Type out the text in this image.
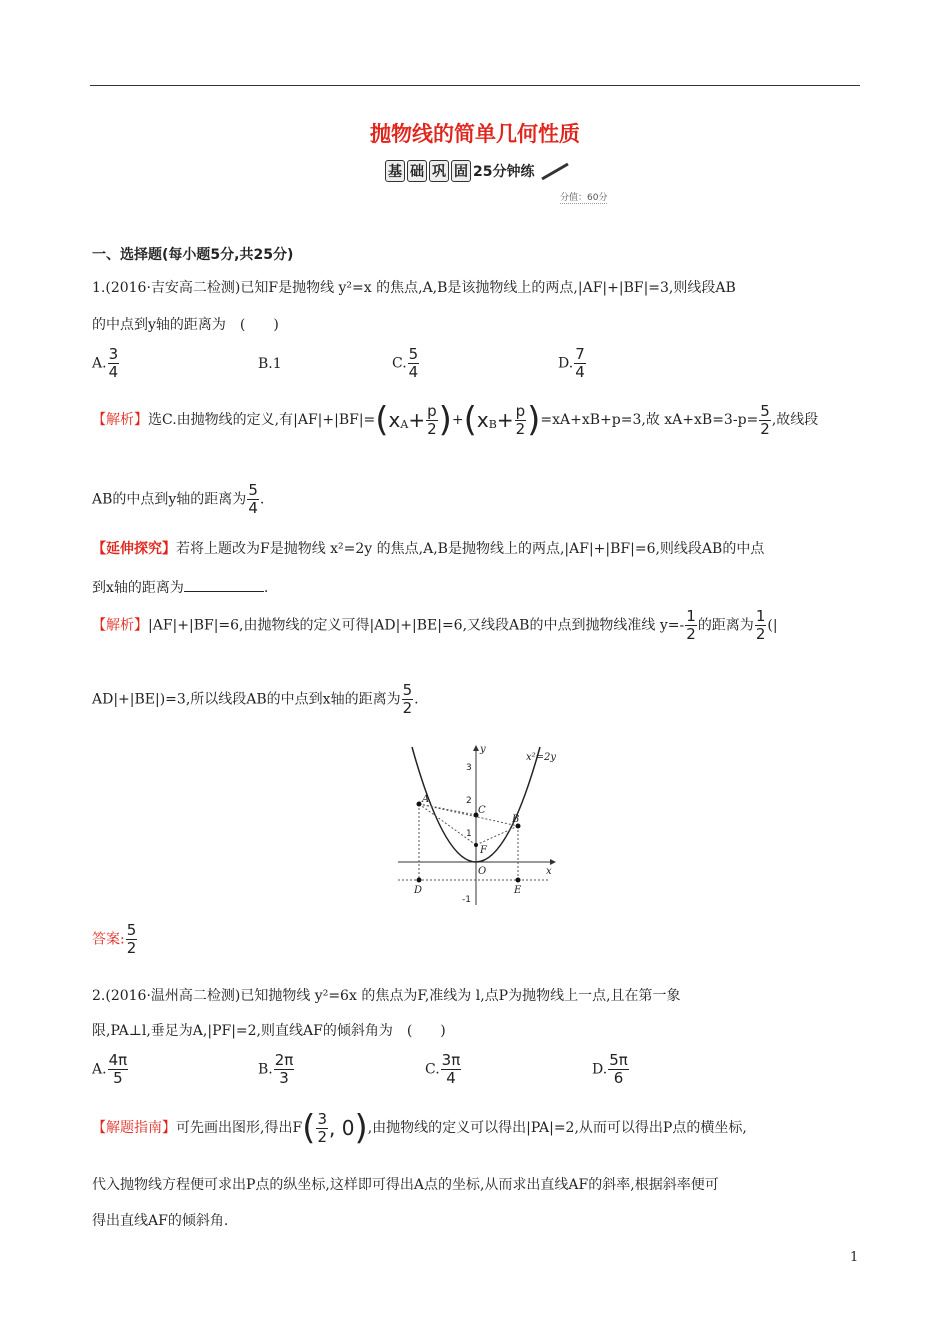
抛物线的简单几何性质
基 础 巩 固 25分钟练
分值：60分
一、选择题(每小题5分,共25分)
1.(2016·吉安高二检测)已知F是抛物线 y²=x 的焦点,A,B是该抛物线上的两点,|AF|+|BF|=3,则线段AB
的中点到y轴的距离为　(　　)
A. $\frac{3}{4}$	B.1	C. $\frac{5}{4}$	D. $\frac{7}{4}$
【解析】选C.由抛物线的定义,有$|AF|+|BF|=(x_A+ \frac{p}{2} )+(x_B+ \frac{p}{2} )=xA+xB+p=3$,故 $xA+xB=3-p= \frac{5}{2}$ ,故线段
AB的中点到y轴的距离为 $\frac{5}{4}$ .
【延伸探究】若将上题改为F是抛物线 x²=2y 的焦点,A,B是抛物线上的两点,|AF|+|BF|=6,则线段AB的中点
到x轴的距离为	.
【解析】|AF|+|BF|=6,由抛物线的定义可得|AD|+|BE|=6,又线段AB的中点到抛物线准线 $y=- \frac{1}{2}$ 的距离为 $\frac{1}{2}$ (|
AD|+|BE|)=3,所以线段AB的中点到x轴的距离为 $\frac{5}{2}$ .
x²=2y
y
x
O
A
B
C
F
D	E
3
2
1
-1
答案: $\frac{5}{2}$
2.(2016·温州高二检测)已知抛物线 y²=6x 的焦点为F,准线为 l,点P为抛物线上一点,且在第一象
限,PA⊥l,垂足为A,|PF|=2,则直线AF的倾斜角为　(　　)
A. $\frac{4\pi}{5}$	B. $\frac{2\pi}{3}$	C. $\frac{3\pi}{4}$	D. $\frac{5\pi}{6}$
【解题指南】可先画出图形,得出$F( \frac{3}{2}$ , 0),由抛物线的定义可以得出|PA|=2,从而可以得出P点的横坐标,
代入抛物线方程便可求出P点的纵坐标,这样即可得出A点的坐标,从而求出直线AF的斜率,根据斜率便可
得出直线AF的倾斜角.
1
